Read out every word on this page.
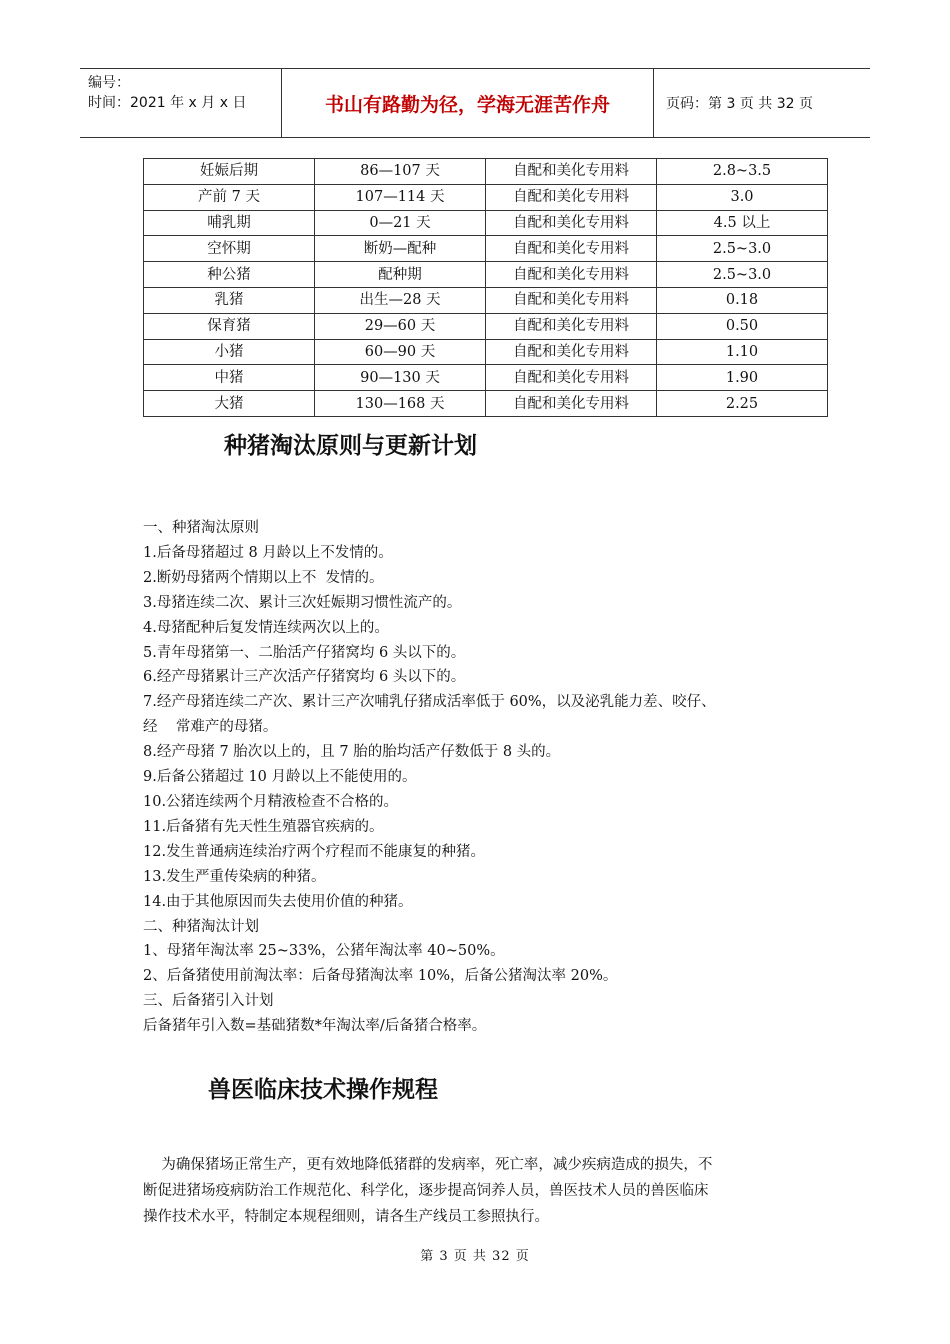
编号：
时间：2021 年 x 月 x 日	书山有路勤为径，学海无涯苦作舟	页码：第 3 页 共 32 页
妊娠后期	86—107 天	自配和美化专用料	2.8~3.5
产前 7 天	107—114 天	自配和美化专用料	3.0
哺乳期	0—21 天	自配和美化专用料	4.5 以上
空怀期	断奶—配种	自配和美化专用料	2.5~3.0
种公猪	配种期	自配和美化专用料	2.5~3.0
乳猪	出生—28 天	自配和美化专用料	0.18
保育猪	29—60 天	自配和美化专用料	0.50
小猪	60—90 天	自配和美化专用料	1.10
中猪	90—130 天	自配和美化专用料	1.90
大猪	130—168 天	自配和美化专用料	2.25
种猪淘汰原则与更新计划
一、种猪淘汰原则
1.后备母猪超过 8 月龄以上不发情的。
2.断奶母猪两个情期以上不  发情的。
3.母猪连续二次、累计三次妊娠期习惯性流产的。
4.母猪配种后复发情连续两次以上的。
5.青年母猪第一、二胎活产仔猪窝均 6 头以下的。
6.经产母猪累计三产次活产仔猪窝均 6 头以下的。
7.经产母猪连续二产次、累计三产次哺乳仔猪成活率低于 60%，以及泌乳能力差、咬仔、
经    常难产的母猪。
8.经产母猪 7 胎次以上的，且 7 胎的胎均活产仔数低于 8 头的。
9.后备公猪超过 10 月龄以上不能使用的。
10.公猪连续两个月精液检查不合格的。
11.后备猪有先天性生殖器官疾病的。
12.发生普通病连续治疗两个疗程而不能康复的种猪。
13.发生严重传染病的种猪。
14.由于其他原因而失去使用价值的种猪。
二、种猪淘汰计划
1、母猪年淘汰率 25~33%，公猪年淘汰率 40~50%。
2、后备猪使用前淘汰率：后备母猪淘汰率 10%，后备公猪淘汰率 20%。
三、后备猪引入计划
后备猪年引入数=基础猪数*年淘汰率/后备猪合格率。
兽医临床技术操作规程
为确保猪场正常生产，更有效地降低猪群的发病率，死亡率，减少疾病造成的损失，不
断促进猪场疫病防治工作规范化、科学化，逐步提高饲养人员，兽医技术人员的兽医临床
操作技术水平，特制定本规程细则，请各生产线员工参照执行。
第 3 页 共 32 页
